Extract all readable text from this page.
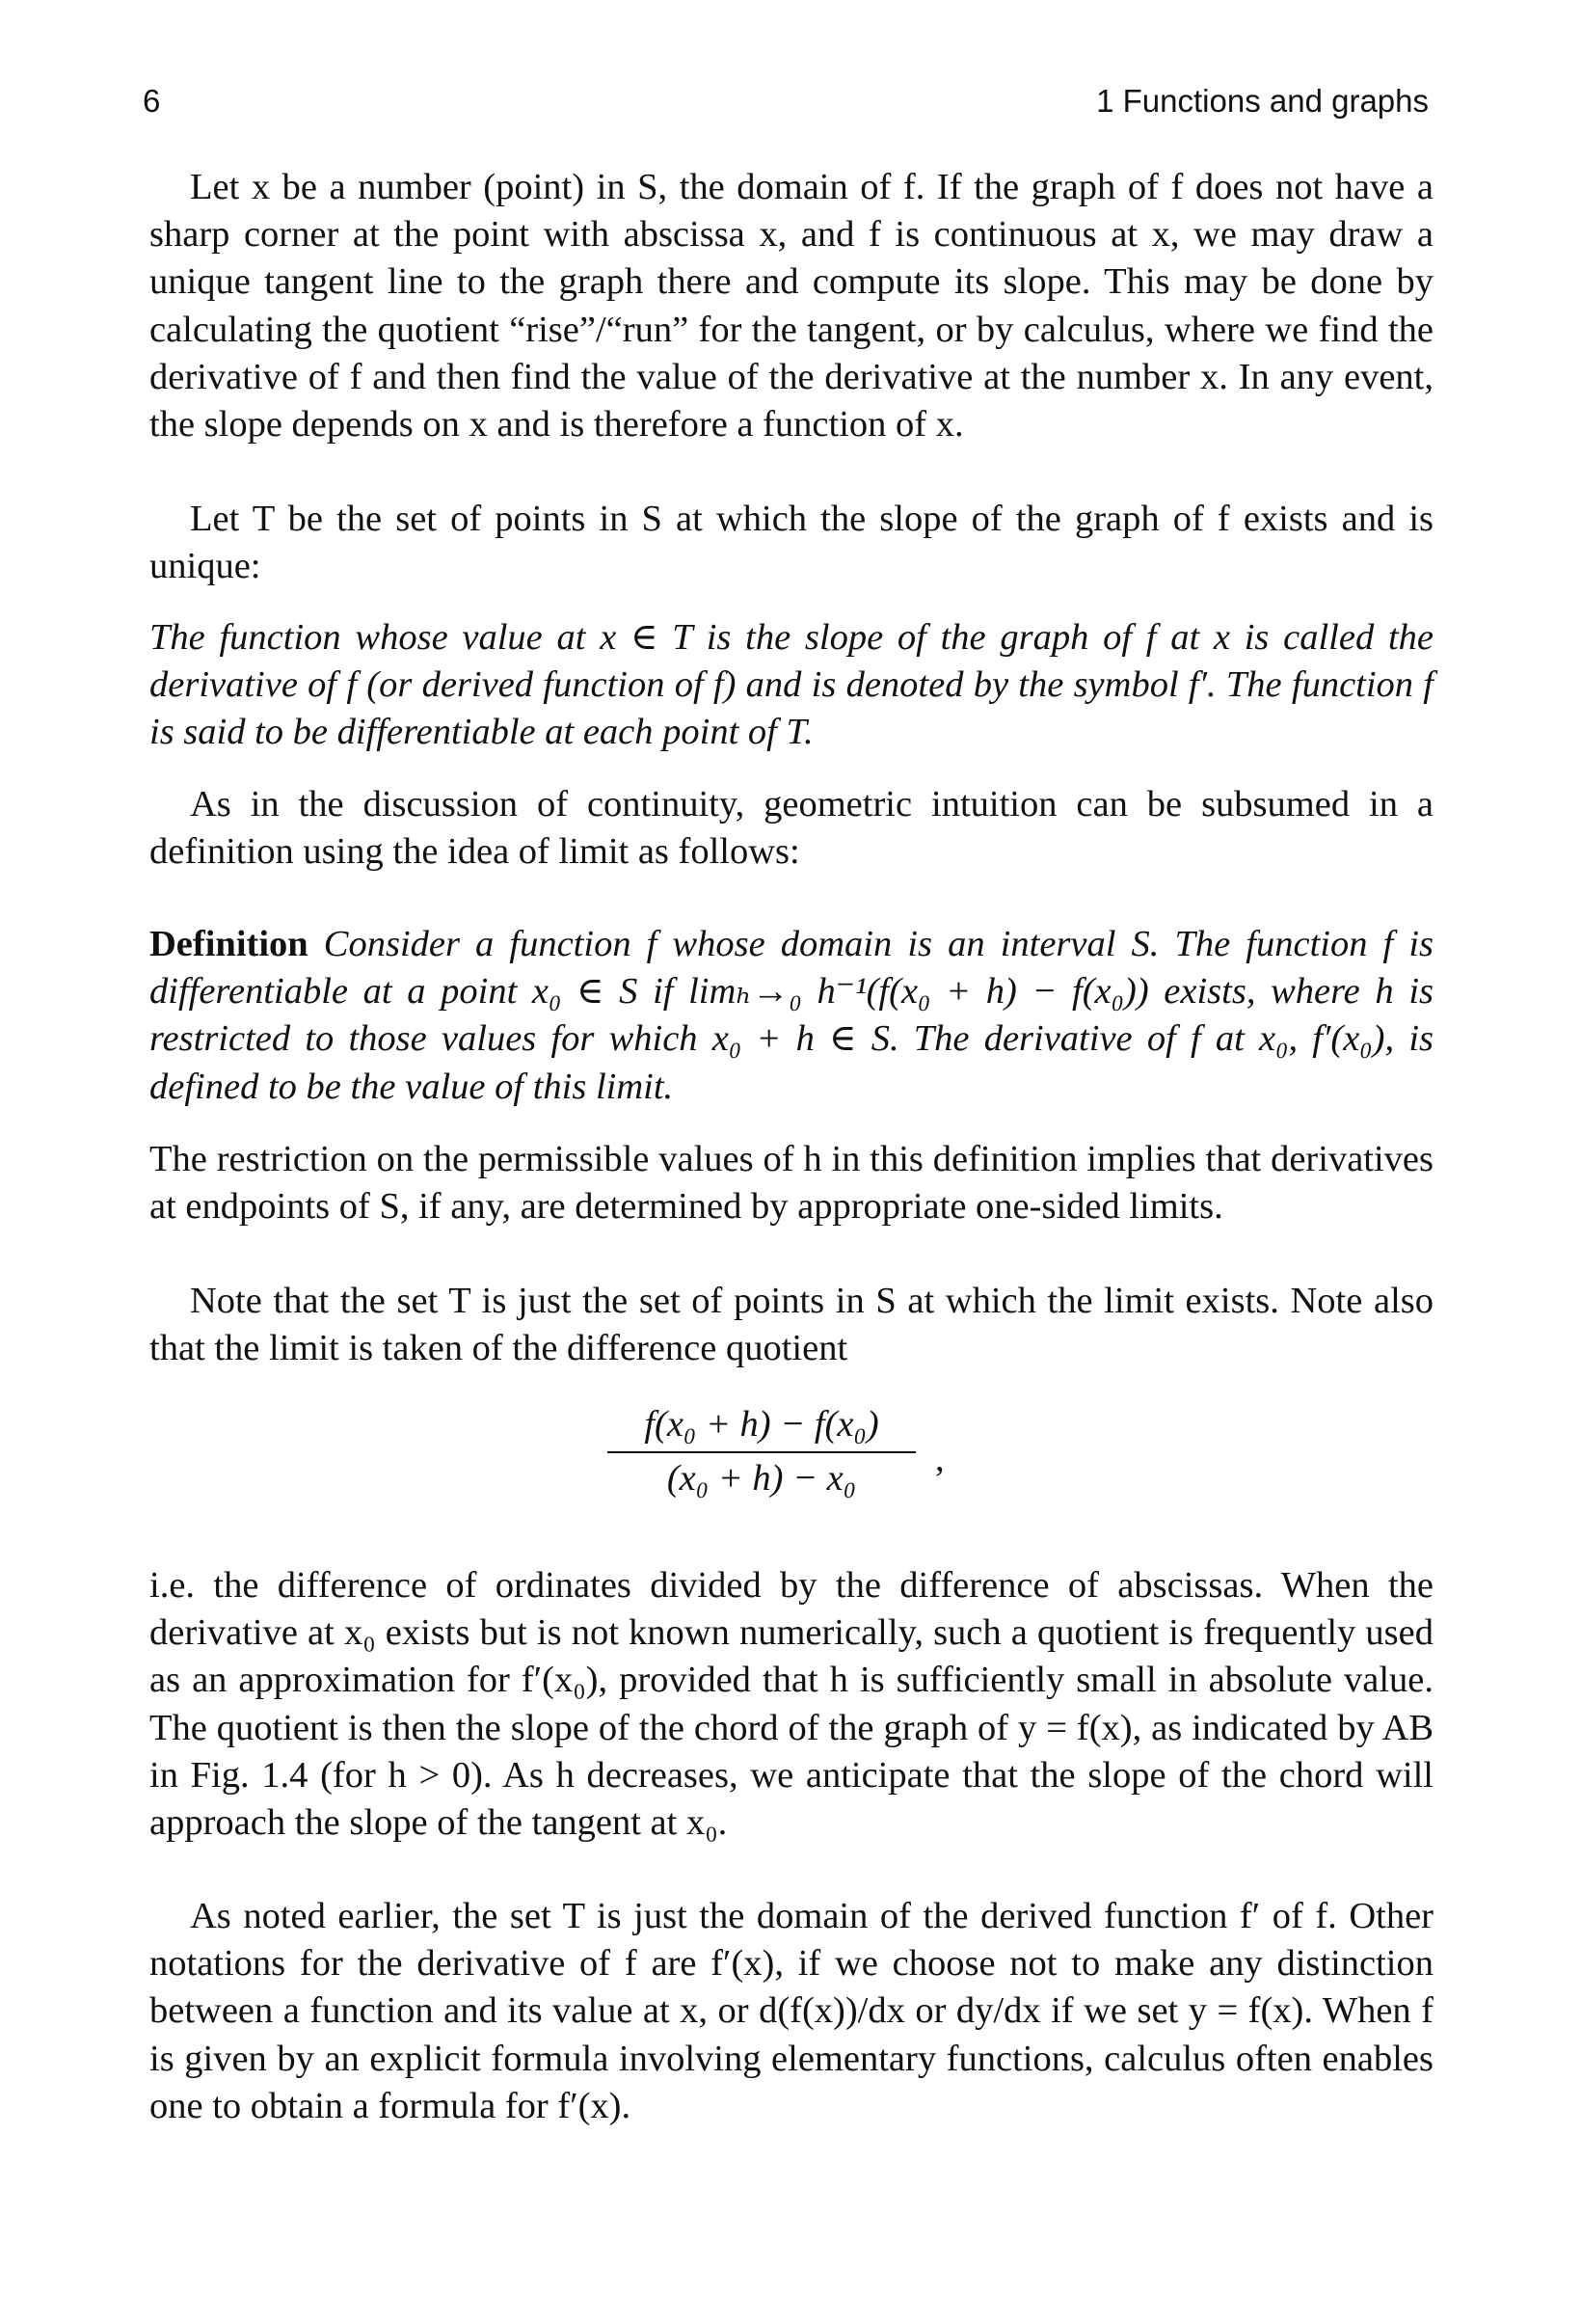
6	1 Functions and graphs

Let x be a number (point) in S, the domain of f. If the graph of f does not have a sharp corner at the point with abscissa x, and f is continuous at x, we may draw a unique tangent line to the graph there and compute its slope. This may be done by calculating the quotient “rise”/“run” for the tangent, or by calculus, where we find the derivative of f and then find the value of the derivative at the number x. In any event, the slope depends on x and is therefore a function of x.

Let T be the set of points in S at which the slope of the graph of f exists and is unique:

The function whose value at x ∈ T is the slope of the graph of f at x is called the derivative of f (or derived function of f) and is denoted by the symbol f′. The function f is said to be differentiable at each point of T.

As in the discussion of continuity, geometric intuition can be subsumed in a definition using the idea of limit as follows:

Definition Consider a function f whose domain is an interval S. The function f is differentiable at a point x₀ ∈ S if limₕ→₀ h⁻¹(f(x₀ + h) − f(x₀)) exists, where h is restricted to those values for which x₀ + h ∈ S. The derivative of f at x₀, f′(x₀), is defined to be the value of this limit.

The restriction on the permissible values of h in this definition implies that derivatives at endpoints of S, if any, are determined by appropriate one-sided limits.

Note that the set T is just the set of points in S at which the limit exists. Note also that the limit is taken of the difference quotient

f(x₀ + h) − f(x₀)
(x₀ + h) − x₀	,

i.e. the difference of ordinates divided by the difference of abscissas. When the derivative at x₀ exists but is not known numerically, such a quotient is frequently used as an approximation for f′(x₀), provided that h is sufficiently small in absolute value. The quotient is then the slope of the chord of the graph of y = f(x), as indicated by AB in Fig. 1.4 (for h > 0). As h decreases, we anticipate that the slope of the chord will approach the slope of the tangent at x₀.

As noted earlier, the set T is just the domain of the derived function f′ of f. Other notations for the derivative of f are f′(x), if we choose not to make any distinction between a function and its value at x, or d(f(x))/dx or dy/dx if we set y = f(x). When f is given by an explicit formula involving elementary functions, calculus often enables one to obtain a formula for f′(x).
